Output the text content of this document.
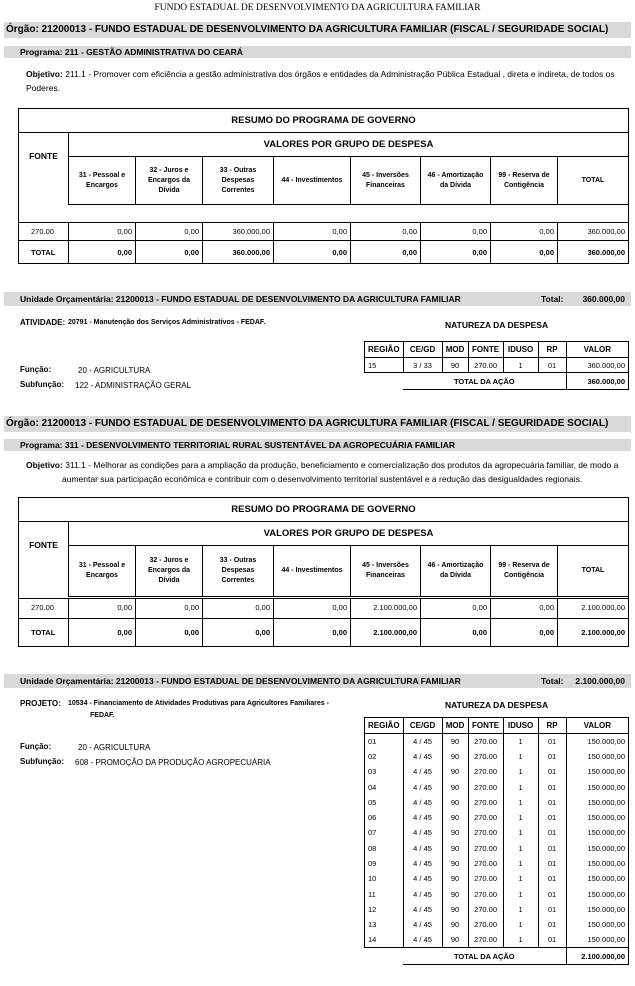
FUNDO ESTADUAL DE DESENVOLVIMENTO DA AGRICULTURA FAMILIAR
Órgão: 21200013 - FUNDO ESTADUAL DE DESENVOLVIMENTO DA AGRICULTURA FAMILIAR (FISCAL / SEGURIDADE SOCIAL)
Programa: 211 - GESTÃO ADMINISTRATIVA DO CEARÁ
Objetivo: 211.1 - Promover com eficiência a gestão administrativa dos órgãos e entidades da Administração Pública Estadual , direta e indireta, de todos os Poderes.
RESUMO DO PROGRAMA DE GOVERNO
FONTE
VALORES POR GRUPO DE DESPESA
31 - Pessoal e Encargos
32 - Juros e Encargos da Dívida
33 - Outras Despesas Correntes
44 - Investimentos
45 - Inversões Financeiras
46 - Amortização da Dívida
99 - Reserva de Contigência
TOTAL
270.00	0,00	0,00	360.000,00	0,00	0,00	0,00	0,00	360.000,00
TOTAL	0,00	0,00	360.000,00	0,00	0,00	0,00	0,00	360.000,00
Unidade Orçamentária: 21200013 - FUNDO ESTADUAL DE DESENVOLVIMENTO DA AGRICULTURA FAMILIAR	Total: 360.000,00
ATIVIDADE: 20791 - Manutenção dos Serviços Administrativos - FEDAF.	NATUREZA DA DESPESA
Função:	20 - AGRICULTURA
Subfunção: 122 - ADMINISTRAÇÃO GERAL
REGIÃO	CE/GD	MOD	FONTE	IDUSO	RP	VALOR
15	3 / 33	90	270.00	1	01	360.000,00
	TOTAL DA AÇÃO					360.000,00
Órgão: 21200013 - FUNDO ESTADUAL DE DESENVOLVIMENTO DA AGRICULTURA FAMILIAR (FISCAL / SEGURIDADE SOCIAL)
Programa: 311 - DESENVOLVIMENTO TERRITORIAL RURAL SUSTENTÁVEL DA AGROPECUÁRIA FAMILIAR
Objetivo: 311.1 - Melhorar as condições para a ampliação da produção, beneficiamento e comercialização dos produtos da agropecuária familiar, de modo a
aumentar sua participação econômica e contribuir com o desenvolvimento territorial sustentável e a redução das desigualdades regionais.
RESUMO DO PROGRAMA DE GOVERNO
FONTE
VALORES POR GRUPO DE DESPESA
31 - Pessoal e Encargos
32 - Juros e Encargos da Dívida
33 - Outras Despesas Correntes
44 - Investimentos
45 - Inversões Financeiras
46 - Amortização da Dívida
99 - Reserva de Contigência
TOTAL
270.00	0,00	0,00	0,00	0,00	2.100.000,00	0,00	0,00	2.100.000,00
TOTAL	0,00	0,00	0,00	0,00	2.100.000,00	0,00	0,00	2.100.000,00
Unidade Orçamentária: 21200013 - FUNDO ESTADUAL DE DESENVOLVIMENTO DA AGRICULTURA FAMILIAR	Total: 2.100.000,00
PROJETO: 10534 - Financiamento de Atividades Produtivas para Agricultores Familiares -
FEDAF.
NATUREZA DA DESPESA
Função:	20 - AGRICULTURA
Subfunção: 608 - PROMOÇÃO DA PRODUÇÃO AGROPECUÁRIA
REGIÃO	CE/GD	MOD	FONTE	IDUSO	RP	VALOR
01	4 / 45	90	270.00	1	01	150.000,00
02	4 / 45	90	270.00	1	01	150.000,00
03	4 / 45	90	270.00	1	01	150.000,00
04	4 / 45	90	270.00	1	01	150.000,00
05	4 / 45	90	270.00	1	01	150.000,00
06	4 / 45	90	270.00	1	01	150.000,00
07	4 / 45	90	270.00	1	01	150.000,00
08	4 / 45	90	270.00	1	01	150.000,00
09	4 / 45	90	270.00	1	01	150.000,00
10	4 / 45	90	270.00	1	01	150.000,00
11	4 / 45	90	270.00	1	01	150.000,00
12	4 / 45	90	270.00	1	01	150.000,00
13	4 / 45	90	270.00	1	01	150.000,00
14	4 / 45	90	270.00	1	01	150.000,00
	TOTAL DA AÇÃO					2.100.000,00
